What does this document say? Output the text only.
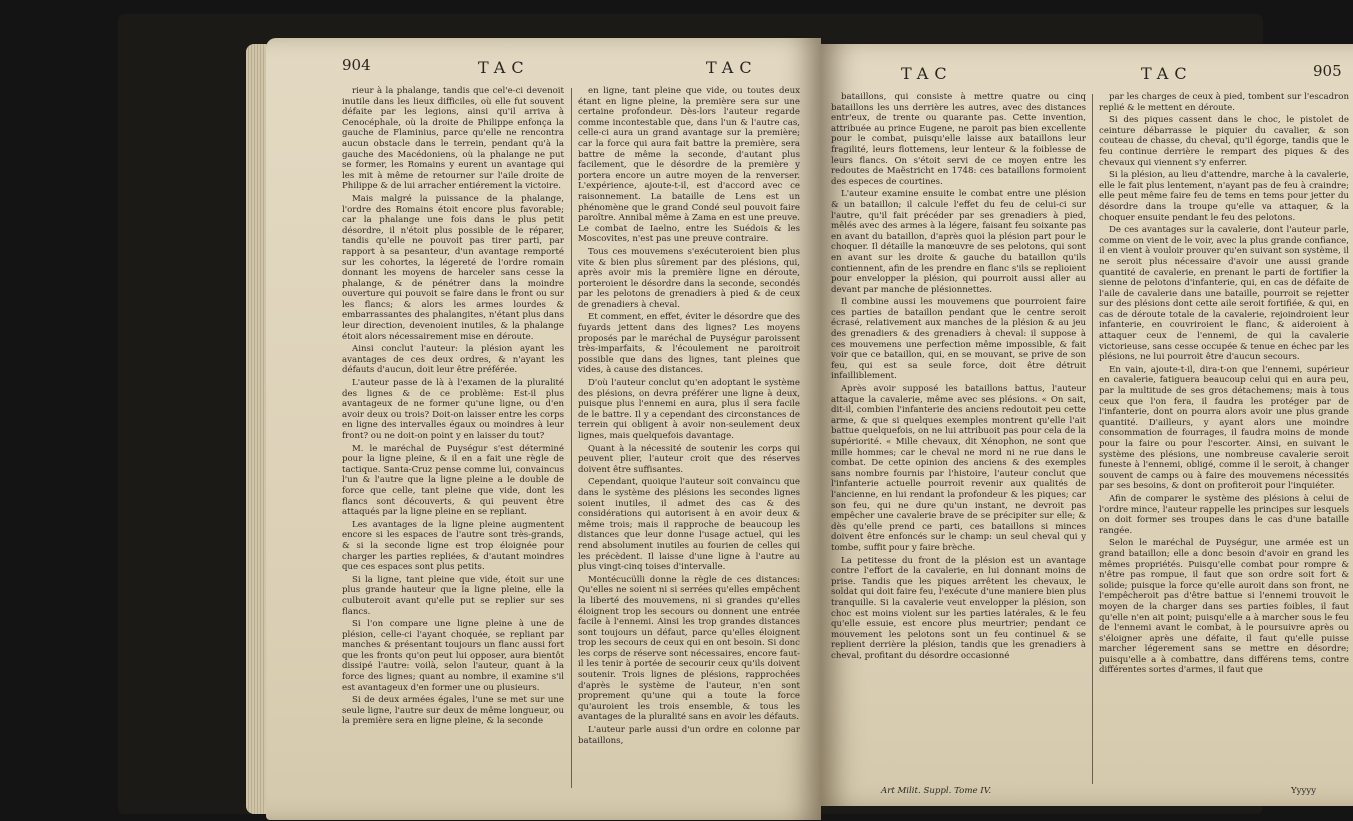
904	TAC	TAC

rieur à la phalange, tandis que cel'e-ci devenoit inutile dans les lieux difficiles, où elle fut souvent défaite par les legions, ainsi qu'il arriva à Cenocéphale, où la droite de Philippe enfonça la gauche de Flaminius, parce qu'elle ne rencontra aucun obstacle dans le terrein, pendant qu'à la gauche des Macédoniens, où la phalange ne put se former, les Romains y eurent un avantage qui les mit à même de retourner sur l'aile droite de Philippe & de lui arracher entiérement la victoire.

Mais malgré la puissance de la phalange, l'ordre des Romains étoit encore plus favorable; car la phalange une fois dans le plus petit désordre, il n'étoit plus possible de le réparer, tandis qu'elle ne pouvoit pas tirer parti, par rapport à sa pesanteur, d'un avantage remporté sur les cohortes, la légereté de l'ordre romain donnant les moyens de harceler sans cesse la phalange, & de pénétrer dans la moindre ouverture qui pouvoit se faire dans le front ou sur les flancs; & alors les armes lourdes & embarrassantes des phalangites, n'étant plus dans leur direction, devenoient inutiles, & la phalange étoit alors nécessairement mise en déroute.

Ainsi conclut l'auteur: la plésion ayant les avantages de ces deux ordres, & n'ayant les défauts d'aucun, doit leur être préférée.

L'auteur passe de là à l'examen de la pluralité des lignes & de ce problème: Est-il plus avantageux de ne former qu'une ligne, ou d'en avoir deux ou trois? Doit-on laisser entre les corps en ligne des intervalles égaux ou moindres à leur front? ou ne doit-on point y en laisser du tout?

M. le maréchal de Puységur s'est déterminé pour la ligne pleine, & il en a fait une règle de tactique. Santa-Cruz pense comme lui, convaincus l'un & l'autre que la ligne pleine a le double de force que celle, tant pleine que vide, dont les flancs sont découverts, & qui peuvent être attaqués par la ligne pleine en se repliant.

Les avantages de la ligne pleine augmentent encore si les espaces de l'autre sont très-grands, & si la seconde ligne est trop éloignée pour charger les parties repliées, & d'autant moindres que ces espaces sont plus petits.

Si la ligne, tant pleine que vide, étoit sur une plus grande hauteur que la ligne pleine, elle la culbuteroit avant qu'elle put se replier sur ses flancs.

Si l'on compare une ligne pleine à une de plésion, celle-ci l'ayant choquée, se repliant par manches & présentant toujours un flanc aussi fort que les fronts qu'on peut lui opposer, aura bientôt dissipé l'autre: voilà, selon l'auteur, quant à la force des lignes; quant au nombre, il examine s'il est avantageux d'en former une ou plusieurs.

Si de deux armées égales, l'une se met sur une seule ligne, l'autre sur deux de même longueur, ou la première sera en ligne pleine, & la seconde

en ligne, tant pleine que vide, ou toutes deux étant en ligne pleine, la première sera sur une certaine profondeur. Dès-lors l'auteur regarde comme incontestable que, dans l'un & l'autre cas, celle-ci aura un grand avantage sur la première; car la force qui aura fait battre la première, sera battre de même la seconde, d'autant plus facilement, que le désordre de la première y portera encore un autre moyen de la renverser. L'expérience, ajoute-t-il, est d'accord avec ce raisonnement. La bataille de Lens est un phénomène que le grand Condé seul pouvoit faire paroître. Annibal même à Zama en est une preuve. Le combat de Iaelno, entre les Suédois & les Moscovites, n'est pas une preuve contraire.

Tous ces mouvemens s'exécuteroient bien plus vite & bien plus sûrement par des plésions, qui, après avoir mis la première ligne en déroute, porteroient le désordre dans la seconde, secondés par les pelotons de grenadiers à pied & de ceux de grenadiers à cheval.

Et comment, en effet, éviter le désordre que des fuyards jettent dans des lignes? Les moyens proposés par le maréchal de Puységur paroissent très-imparfaits, & l'écoulement ne paroitroit possible que dans des lignes, tant pleines que vides, à cause des distances.

D'où l'auteur conclut qu'en adoptant le système des plésions, on devra préférer une ligne à deux, puisque plus l'ennemi en aura, plus il sera facile de le battre. Il y a cependant des circonstances de terrein qui obligent à avoir non-seulement deux lignes, mais quelquefois davantage.

Quant à la nécessité de soutenir les corps qui peuvent plier, l'auteur croit que des réserves doivent être suffisantes.

Cependant, quoique l'auteur soit convaincu que dans le système des plésions les secondes lignes soient inutiles, il admet des cas & des considérations qui autorisent à en avoir deux & même trois; mais il rapproche de beaucoup les distances que leur donne l'usage actuel, qui les rend absolument inutiles au fourien de celles qui les précèdent. Il laisse d'une ligne à l'autre au plus vingt-cinq toises d'intervalle.

Montécucülli donne la règle de ces distances: Qu'elles ne soient ni si serrées qu'elles empêchent la liberté des mouvemens, ni si grandes qu'elles éloignent trop les secours ou donnent une entrée facile à l'ennemi. Ainsi les trop grandes distances sont toujours un défaut, parce qu'elles éloignent trop les secours de ceux qui en ont besoin. Si donc les corps de réserve sont nécessaires, encore faut-il les tenir à portée de secourir ceux qu'ils doivent soutenir. Trois lignes de plésions, rapprochées d'après le système de l'auteur, n'en sont proprement qu'une qui a toute la force qu'auroient les trois ensemble, & tous les avantages de la pluralité sans en avoir les défauts.

L'auteur parle aussi d'un ordre en colonne par bataillons,

TAC	TAC	905

bataillons, qui consiste à mettre quatre ou cinq bataillons les uns derrière les autres, avec des distances entr'eux, de trente ou quarante pas. Cette invention, attribuée au prince Eugene, ne paroit pas bien excellente pour le combat, puisqu'elle laisse aux bataillons leur fragilité, leurs flottemens, leur lenteur & la foiblesse de leurs flancs. On s'étoit servi de ce moyen entre les redoutes de Maëstricht en 1748: ces bataillons formoient des especes de courtines.

L'auteur examine ensuite le combat entre une plésion & un bataillon; il calcule l'effet du feu de celui-ci sur l'autre, qu'il fait précéder par ses grenadiers à pied, mêlés avec des armes à la légere, faisant feu soixante pas en avant du bataillon, d'après quoi la plésion part pour le choquer. Il détaille la manœuvre de ses pelotons, qui sont en avant sur les droite & gauche du bataillon qu'ils contiennent, afin de les prendre en flanc s'ils se replioient pour envelopper la plésion, qui pourroit aussi aller au devant par manche de plésionnettes.

Il combine aussi les mouvemens que pourroient faire ces parties de bataillon pendant que le centre seroit écrasé, relativement aux manches de la plésion & au jeu des grenadiers & des grenadiers à cheval: il suppose à ces mouvemens une perfection même impossible, & fait voir que ce bataillon, qui, en se mouvant, se prive de son feu, qui est sa seule force, doit être détruit infailliblement.

Après avoir supposé les bataillons battus, l'auteur attaque la cavalerie, même avec ses plésions. « On sait, dit-il, combien l'infanterie des anciens redoutoit peu cette arme, & que si quelques exemples montrent qu'elle l'ait battue quelquefois, on ne lui attribuoit pas pour cela de la supériorité. « Mille chevaux, dit Xénophon, ne sont que mille hommes; car le cheval ne mord ni ne rue dans le combat. De cette opinion des anciens & des exemples sans nombre fournis par l'histoire, l'auteur conclut que l'infanterie actuelle pourroit revenir aux qualités de l'ancienne, en lui rendant la profondeur & les piques; car son feu, qui ne dure qu'un instant, ne devroit pas empêcher une cavalerie brave de se précipiter sur elle; & dès qu'elle prend ce parti, ces bataillons si minces doivent être enfoncés sur le champ: un seul cheval qui y tombe, suffit pour y faire brèche.

La petitesse du front de la plésion est un avantage contre l'effort de la cavalerie, en lui donnant moins de prise. Tandis que les piques arrêtent les chevaux, le soldat qui doit faire feu, l'exécute d'une maniere bien plus tranquille. Si la cavalerie veut envelopper la plésion, son choc est moins violent sur les parties latérales, & le feu qu'elle essuie, est encore plus meurtrier; pendant ce mouvement les pelotons sont un feu continuel & se replient derrière la plésion, tandis que les grenadiers à cheval, profitant du désordre occasionné

par les charges de ceux à pied, tombent sur l'escadron replié & le mettent en déroute.

Si des piques cassent dans le choc, le pistolet de ceinture débarrasse le piquier du cavalier, & son couteau de chasse, du cheval, qu'il égorge, tandis que le feu continue derrière le rempart des piques & des chevaux qui viennent s'y enferrer.

Si la plésion, au lieu d'attendre, marche à la cavalerie, elle le fait plus lentement, n'ayant pas de feu à craindre; elle peut même faire feu de tems en tems pour jetter du désordre dans la troupe qu'elle va attaquer, & la choquer ensuite pendant le feu des pelotons.

De ces avantages sur la cavalerie, dont l'auteur parle, comme on vient de le voir, avec la plus grande confiance, il en vient à vouloir prouver qu'en suivant son système, il ne seroit plus nécessaire d'avoir une aussi grande quantité de cavalerie, en prenant le parti de fortifier la sienne de pelotons d'infanterie, qui, en cas de défaite de l'aile de cavalerie dans une bataille, pourroit se rejetter sur des plésions dont cette aile seroit fortifiée, & qui, en cas de déroute totale de la cavalerie, rejoindroient leur infanterie, en couvriroient le flanc, & aideroient à attaquer ceux de l'ennemi, de qui la cavalerie victorieuse, sans cesse occupée & tenue en échec par les plésions, ne lui pourroit être d'aucun secours.

En vain, ajoute-t-il, dira-t-on que l'ennemi, supérieur en cavalerie, fatiguera beaucoup celui qui en aura peu, par la multitude de ses gros détachemens; mais à tous ceux que l'on fera, il faudra les protéger par de l'infanterie, dont on pourra alors avoir une plus grande quantité. D'ailleurs, y ayant alors une moindre consommation de fourrages, il faudra moins de monde pour la faire ou pour l'escorter. Ainsi, en suivant le système des plésions, une nombreuse cavalerie seroit funeste à l'ennemi, obligé, comme il le seroit, à changer souvent de camps ou à faire des mouvemens nécessités par ses besoins, & dont on profiteroit pour l'inquiéter.

Afin de comparer le système des plésions à celui de l'ordre mince, l'auteur rappelle les principes sur lesquels on doit former ses troupes dans le cas d'une bataille rangée.

Selon le maréchal de Puységur, une armée est un grand bataillon; elle a donc besoin d'avoir en grand les mêmes propriétés. Puisqu'elle combat pour rompre & n'être pas rompue, il faut que son ordre soit fort & solide; puisque la force qu'elle auroit dans son front, ne l'empêcheroit pas d'être battue si l'ennemi trouvoit le moyen de la charger dans ses parties foibles, il faut qu'elle n'en ait point; puisqu'elle a à marcher sous le feu de l'ennemi avant le combat, à le poursuivre après ou s'éloigner après une défaite, il faut qu'elle puisse marcher légerement sans se mettre en désordre; puisqu'elle a à combattre, dans différens tems, contre différentes sortes d'armes, il faut que

Art Milit. Suppl. Tome IV.	Yyyyy
